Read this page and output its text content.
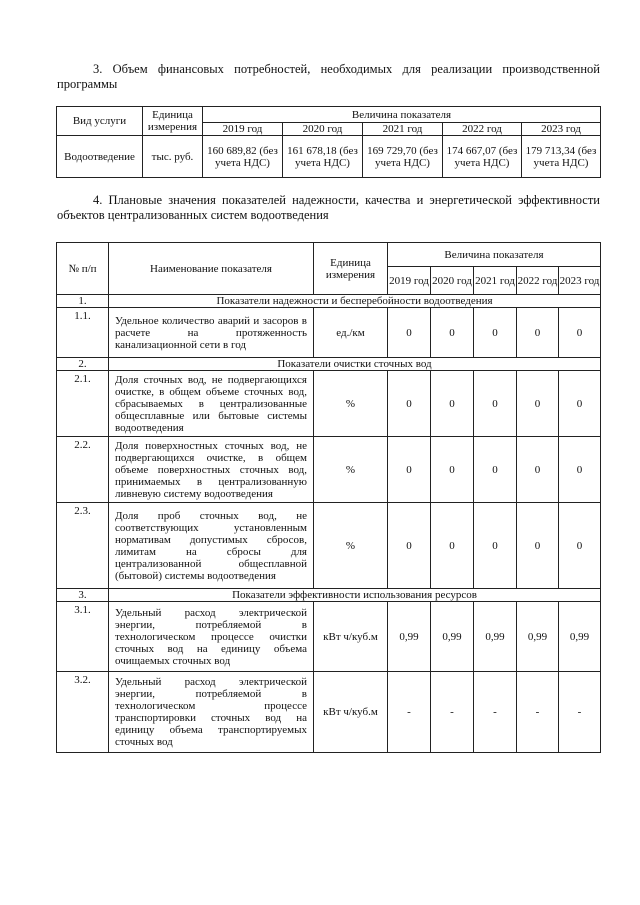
3. Объем финансовых потребностей, необходимых для реализации производственной программы

Вид услуги	Единица измерения	Величина показателя				
		2019 год	2020 год	2021 год	2022 год	2023 год
Водоотведение	тыс. руб.	160 689,82 (без учета НДС)	161 678,18 (без учета НДС)	169 729,70 (без учета НДС)	174 667,07 (без учета НДС)	179 713,34 (без учета НДС)

4. Плановые значения показателей надежности, качества и энергетической эффективности объектов централизованных систем водоотведения

№ п/п	Наименование показателя	Единица измерения	Величина показателя				
			2019 год	2020 год	2021 год	2022 год	2023 год
1.	Показатели надежности и бесперебойности водоотведения						
1.1.	Удельное количество аварий и засоров в расчете на протяженность канализационной сети в год	ед./км	0	0	0	0	0
2.	Показатели очистки сточных вод						
2.1.	Доля сточных вод, не подвергающихся очистке, в общем объеме сточных вод, сбрасываемых в централизованные общесплавные или бытовые системы водоотведения	%	0	0	0	0	0
2.2.	Доля поверхностных сточных вод, не подвергающихся очистке, в общем объеме поверхностных сточных вод, принимаемых в централизованную ливневую систему водоотведения	%	0	0	0	0	0
2.3.	Доля проб сточных вод, не соответствующих установленным нормативам допустимых сбросов, лимитам на сбросы для централизованной общесплавной (бытовой) системы водоотведения	%	0	0	0	0	0
3.	Показатели эффективности использования ресурсов						
3.1.	Удельный расход электрической энергии, потребляемой в технологическом процессе очистки сточных вод на единицу объема очищаемых сточных вод	кВт ч/куб.м	0,99	0,99	0,99	0,99	0,99
3.2.	Удельный расход электрической энергии, потребляемой в технологическом процессе транспортировки сточных вод на единицу объема транспортируемых сточных вод	кВт ч/куб.м	-	-	-	-	-
